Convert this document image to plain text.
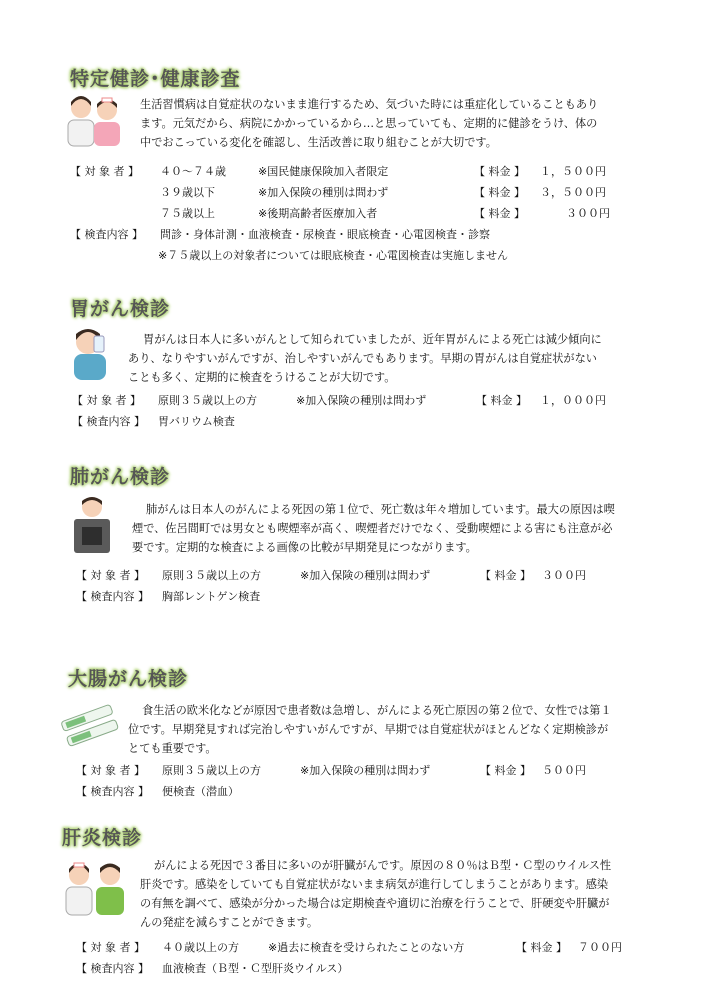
特定健診･健康診査
生活習慣病は自覚症状のないまま進行するため、気づいた時には重症化していることもあり
ます。元気だから、病院にかかっているから…と思っていても、定期的に健診をうけ、体の
中でおこっている変化を確認し、生活改善に取り組むことが大切です。
【 対 象 者 】 ４０～７４歳	※国民健康保険加入者限定	【 料金 】 １，５００円
３９歳以下	※加入保険の種別は問わず	【 料金 】 ３，５００円
７５歳以上	※後期高齢者医療加入者	【 料金 】	３００円
【 検査内容 】 問診・身体計測・血液検査・尿検査・眼底検査・心電図検査・診察
※７５歳以上の対象者については眼底検査・心電図検査は実施しません
胃がん検診
胃がんは日本人に多いがんとして知られていましたが、近年胃がんによる死亡は減少傾向に
あり、なりやすいがんですが、治しやすいがんでもあります。早期の胃がんは自覚症状がない
ことも多く、定期的に検査をうけることが大切です。
【 対 象 者 】 原則３５歳以上の方	※加入保険の種別は問わず	【 料金 】 １，０００円
【 検査内容 】 胃バリウム検査
肺がん検診
肺がんは日本人のがんによる死因の第１位で、死亡数は年々増加しています。最大の原因は喫
煙で、佐呂間町では男女とも喫煙率が高く、喫煙者だけでなく、受動喫煙による害にも注意が必
要です。定期的な検査による画像の比較が早期発見につながります。
【 対 象 者 】 原則３５歳以上の方	※加入保険の種別は問わず	【 料金 】 ３００円
【 検査内容 】 胸部レントゲン検査
大腸がん検診
食生活の欧米化などが原因で患者数は急増し、がんによる死亡原因の第２位で、女性では第１
位です。早期発見すれば完治しやすいがんですが、早期では自覚症状がほとんどなく定期検診が
とても重要です。
【 対 象 者 】 原則３５歳以上の方	※加入保険の種別は問わず	【 料金 】 ５００円
【 検査内容 】 便検査（潜血）
肝炎検診
がんによる死因で３番目に多いのが肝臓がんです。原因の８０％はＢ型・Ｃ型のウイルス性
肝炎です。感染をしていても自覚症状がないまま病気が進行してしまうことがあります。感染
の有無を調べて、感染が分かった場合は定期検査や適切に治療を行うことで、肝硬変や肝臓が
んの発症を減らすことができます。
【 対 象 者 】 ４０歳以上の方	※過去に検査を受けられたことのない方	【 料金 】 ７００円
【 検査内容 】 血液検査（Ｂ型・Ｃ型肝炎ウイルス）
